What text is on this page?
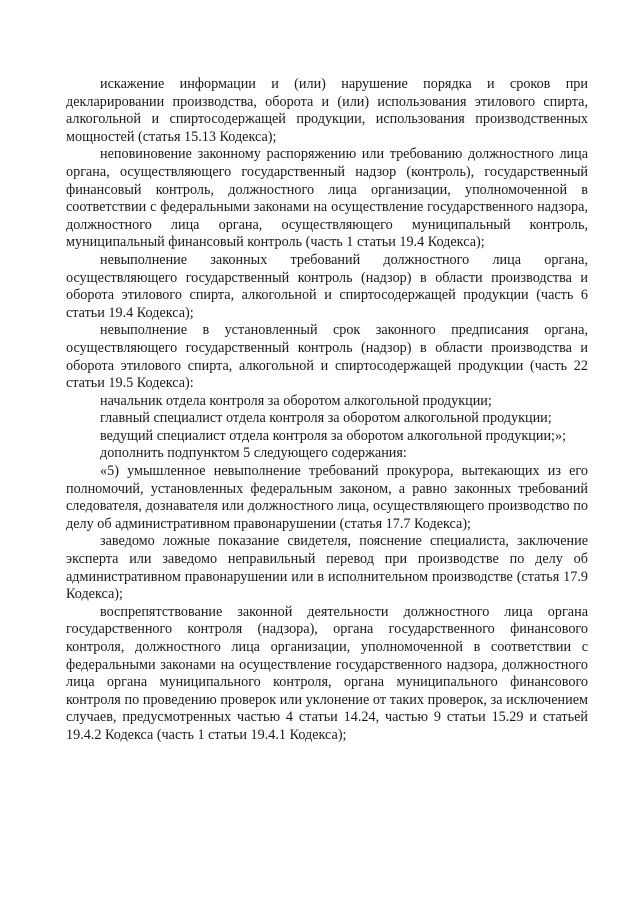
искажение информации и (или) нарушение порядка и сроков при декларировании производства, оборота и (или) использования этилового спирта, алкогольной и спиртосодержащей продукции, использования производственных мощностей (статья 15.13 Кодекса);

неповиновение законному распоряжению или требованию должностного лица органа, осуществляющего государственный надзор (контроль), государственный финансовый контроль, должностного лица организации, уполномоченной в соответствии с федеральными законами на осуществление государственного надзора, должностного лица органа, осуществляющего муниципальный контроль, муниципальный финансовый контроль (часть 1 статьи 19.4 Кодекса);

невыполнение законных требований должностного лица органа, осуществляющего государственный контроль (надзор) в области производства и оборота этилового спирта, алкогольной и спиртосодержащей продукции (часть 6 статьи 19.4 Кодекса);

невыполнение в установленный срок законного предписания органа, осуществляющего государственный контроль (надзор) в области производства и оборота этилового спирта, алкогольной и спиртосодержащей продукции (часть 22 статьи 19.5 Кодекса):

начальник отдела контроля за оборотом алкогольной продукции;

главный специалист отдела контроля за оборотом алкогольной продукции;

ведущий специалист отдела контроля за оборотом алкогольной продукции;»;

дополнить подпунктом 5 следующего содержания:

«5) умышленное невыполнение требований прокурора, вытекающих из его полномочий, установленных федеральным законом, а равно законных требований следователя, дознавателя или должностного лица, осуществляющего производство по делу об административном правонарушении (статья 17.7 Кодекса);

заведомо ложные показание свидетеля, пояснение специалиста, заключение эксперта или заведомо неправильный перевод при производстве по делу об административном правонарушении или в исполнительном производстве (статья 17.9 Кодекса);

воспрепятствование законной деятельности должностного лица органа государственного контроля (надзора), органа государственного финансового контроля, должностного лица организации, уполномоченной в соответствии с федеральными законами на осуществление государственного надзора, должностного лица органа муниципального контроля, органа муниципального финансового контроля по проведению проверок или уклонение от таких проверок, за исключением случаев, предусмотренных частью 4 статьи 14.24, частью 9 статьи 15.29 и статьей 19.4.2 Кодекса (часть 1 статьи 19.4.1 Кодекса);
